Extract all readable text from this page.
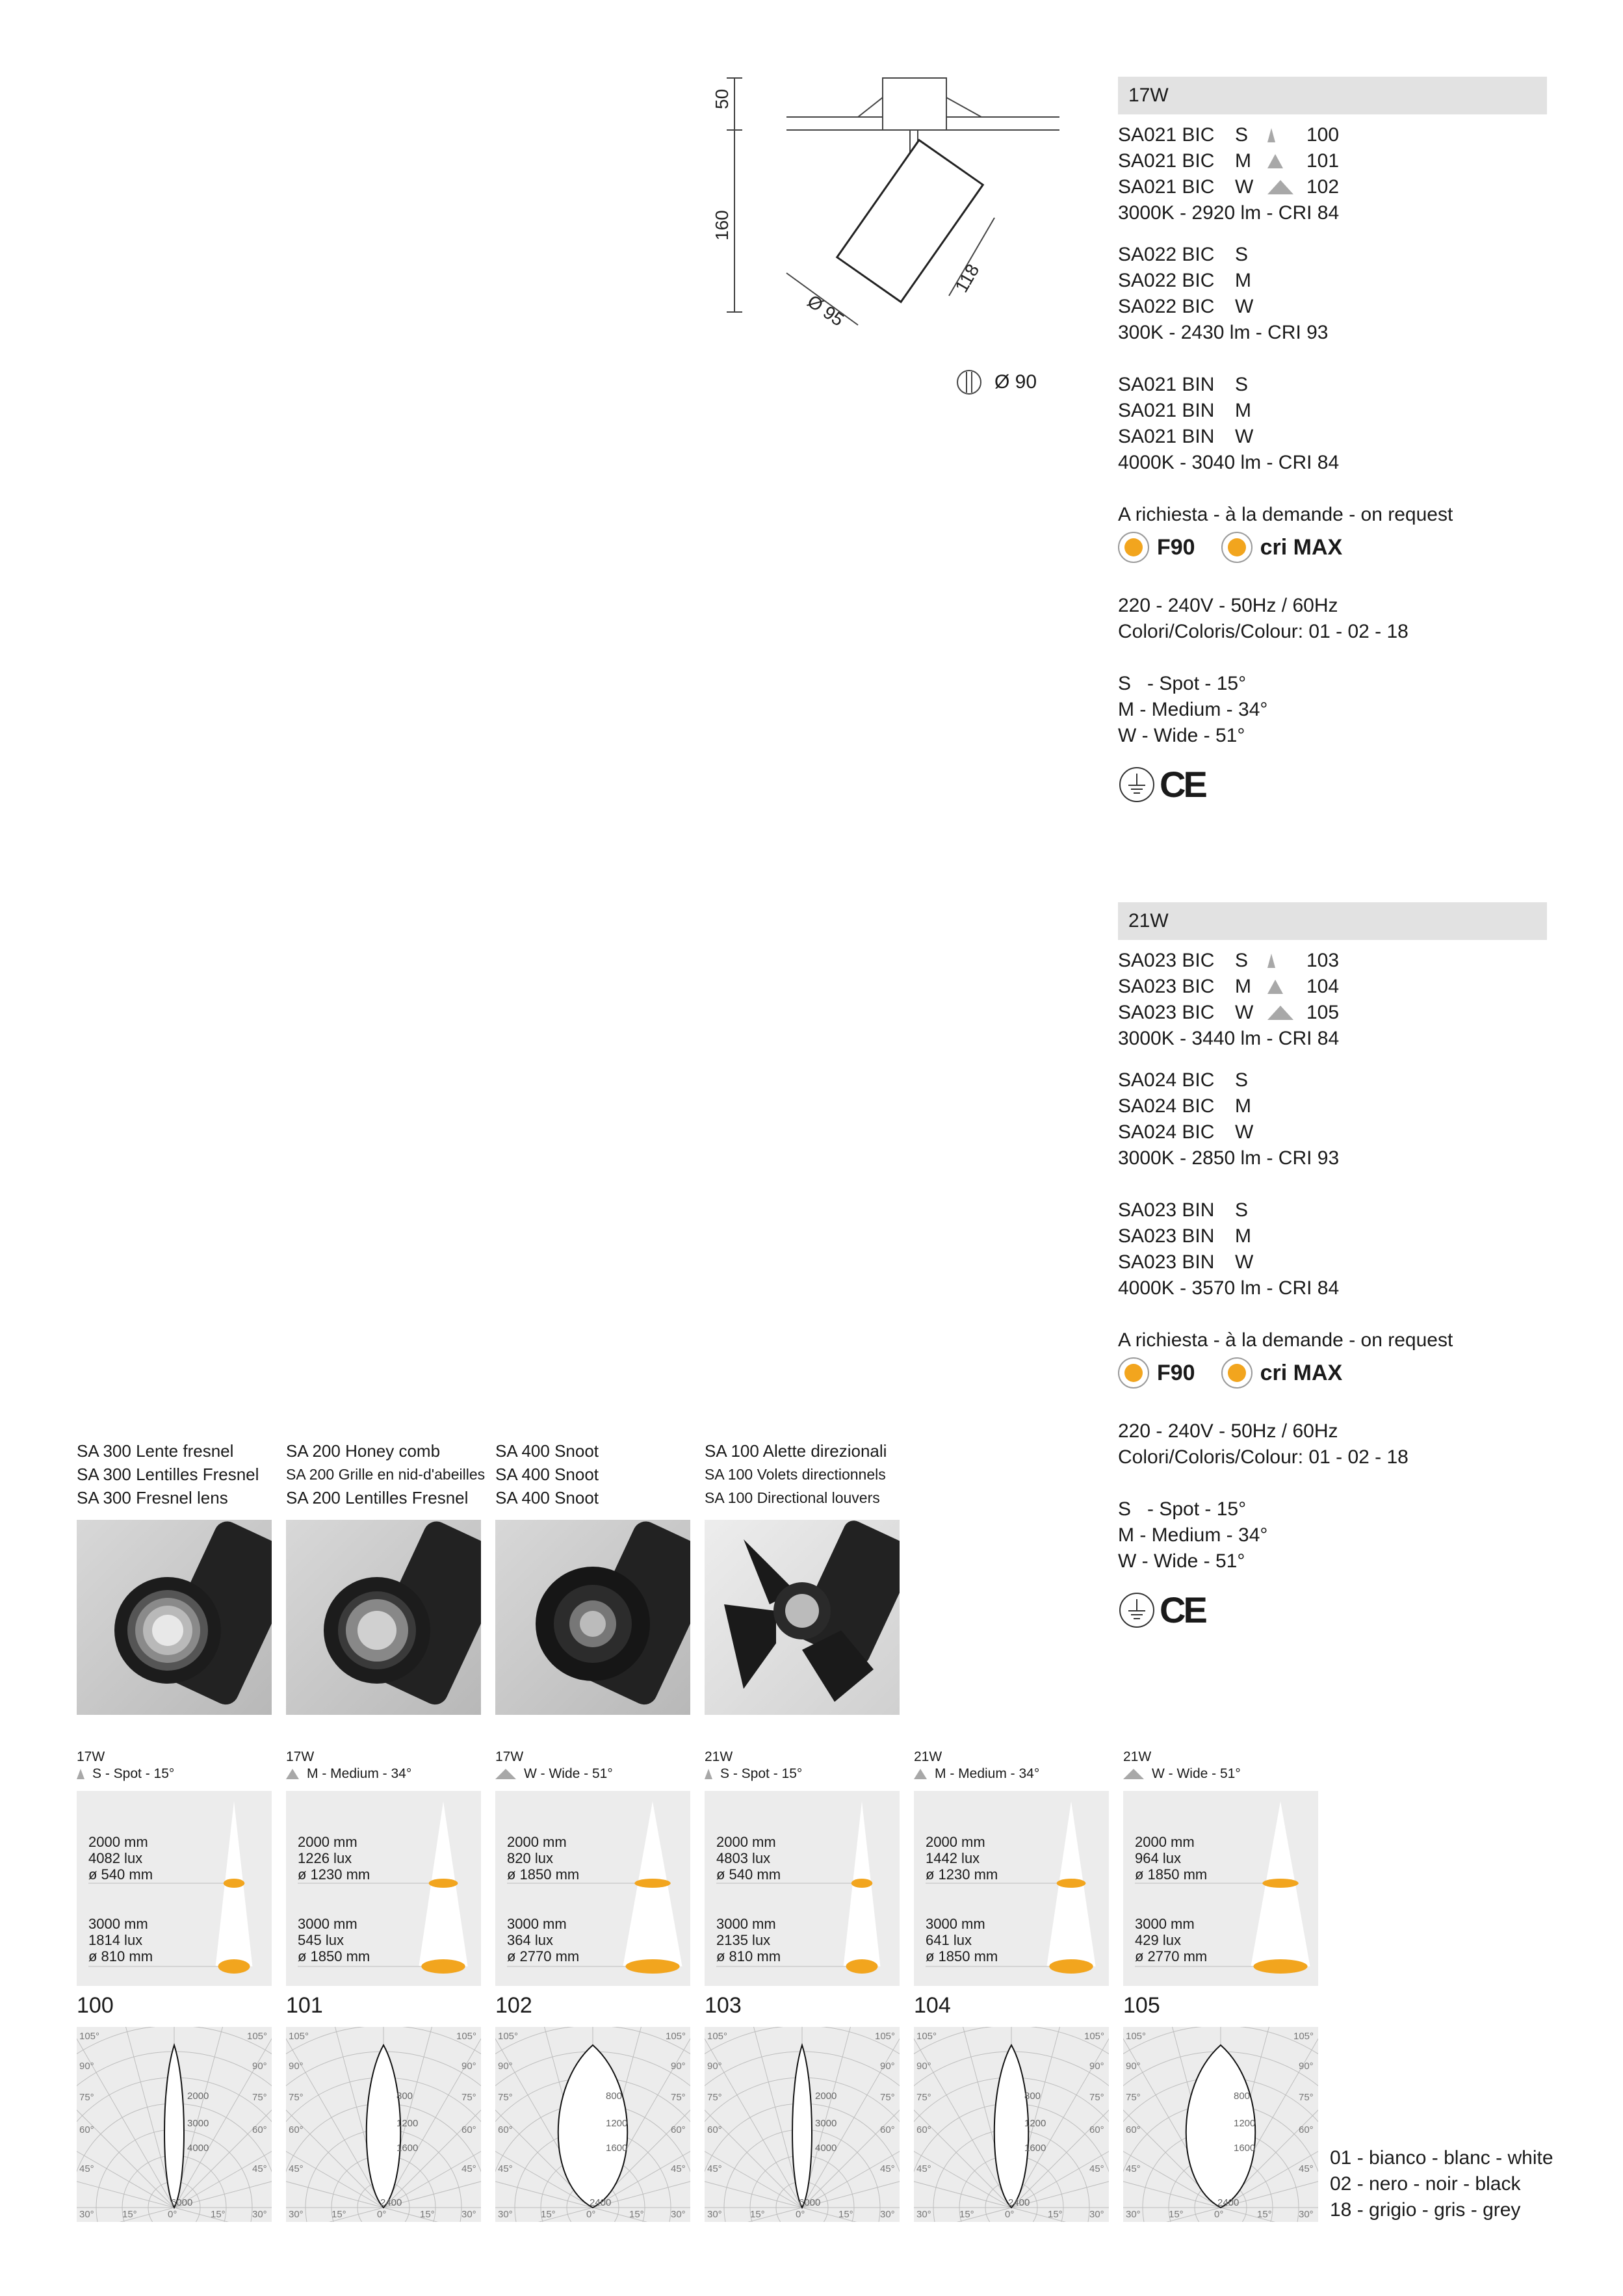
50
160
118
Ø 95
Ø 90
17W
SA021 BIC	S	100
SA021 BIC	M	101
SA021 BIC	W	102
3000K - 2920 lm - CRI 84
SA022 BIC	S
SA022 BIC	M
SA022 BIC	W
300K - 2430 lm - CRI 93
SA021 BIN	S
SA021 BIN	M
SA021 BIN	W
4000K - 3040 lm - CRI 84
A richiesta - à la demande - on request
F90	cri MAX
220 - 240V - 50Hz / 60Hz
Colori/Coloris/Colour: 01 - 02 - 18
S   - Spot - 15°
M - Medium - 34°
W - Wide - 51°
CE
21W
SA023 BIC	S	103
SA023 BIC	M	104
SA023 BIC	W	105
3000K - 3440 lm - CRI 84
SA024 BIC	S
SA024 BIC	M
SA024 BIC	W
3000K - 2850 lm - CRI 93
SA023 BIN	S
SA023 BIN	M
SA023 BIN	W
4000K - 3570 lm - CRI 84
A richiesta - à la demande - on request
F90	cri MAX
220 - 240V - 50Hz / 60Hz
Colori/Coloris/Colour: 01 - 02 - 18
S   - Spot - 15°
M - Medium - 34°
W - Wide - 51°
CE
SA 300 Lente fresnel
SA 300 Lentilles Fresnel
SA 300 Fresnel lens
SA 200 Honey comb
SA 200 Grille en nid-d'abeilles
SA 200 Lentilles Fresnel
SA 400 Snoot
SA 400 Snoot
SA 400 Snoot
SA 100 Alette direzionali
SA 100 Volets directionnels
SA 100 Directional louvers
17W
S - Spot - 15°
2000 mm
4082 lux
ø 540 mm
3000 mm
1814 lux
ø 810 mm
17W
M - Medium - 34°
2000 mm
1226 lux
ø 1230 mm
3000 mm
545 lux
ø 1850 mm
17W
W - Wide - 51°
2000 mm
820 lux
ø 1850 mm
3000 mm
364 lux
ø 2770 mm
21W
S - Spot - 15°
2000 mm
4803 lux
ø 540 mm
3000 mm
2135 lux
ø 810 mm
21W
M - Medium - 34°
2000 mm
1442 lux
ø 1230 mm
3000 mm
641 lux
ø 1850 mm
21W
W - Wide - 51°
2000 mm
964 lux
ø 1850 mm
3000 mm
429 lux
ø 2770 mm
100
105°	105°
90°	90°
75°	75°
60°	60°
45°	45°
30°	30°
15°	15°
0°
2000
3000
4000
6000
101
105°	105°
90°	90°
75°	75°
60°	60°
45°	45°
30°	30°
15°	15°
0°
800
1200
1600
2400
102
105°	105°
90°	90°
75°	75°
60°	60°
45°	45°
30°	30°
15°	15°
0°
800
1200
1600
2400
103
105°	105°
90°	90°
75°	75°
60°	60°
45°	45°
30°	30°
15°	15°
0°
2000
3000
4000
6000
104
105°	105°
90°	90°
75°	75°
60°	60°
45°	45°
30°	30°
15°	15°
0°
800
1200
1600
2400
105
105°	105°
90°	90°
75°	75°
60°	60°
45°	45°
30°	30°
15°	15°
0°
800
1200
1600
2400
01 - bianco - blanc - white
02 - nero - noir - black
18 - grigio - gris - grey
